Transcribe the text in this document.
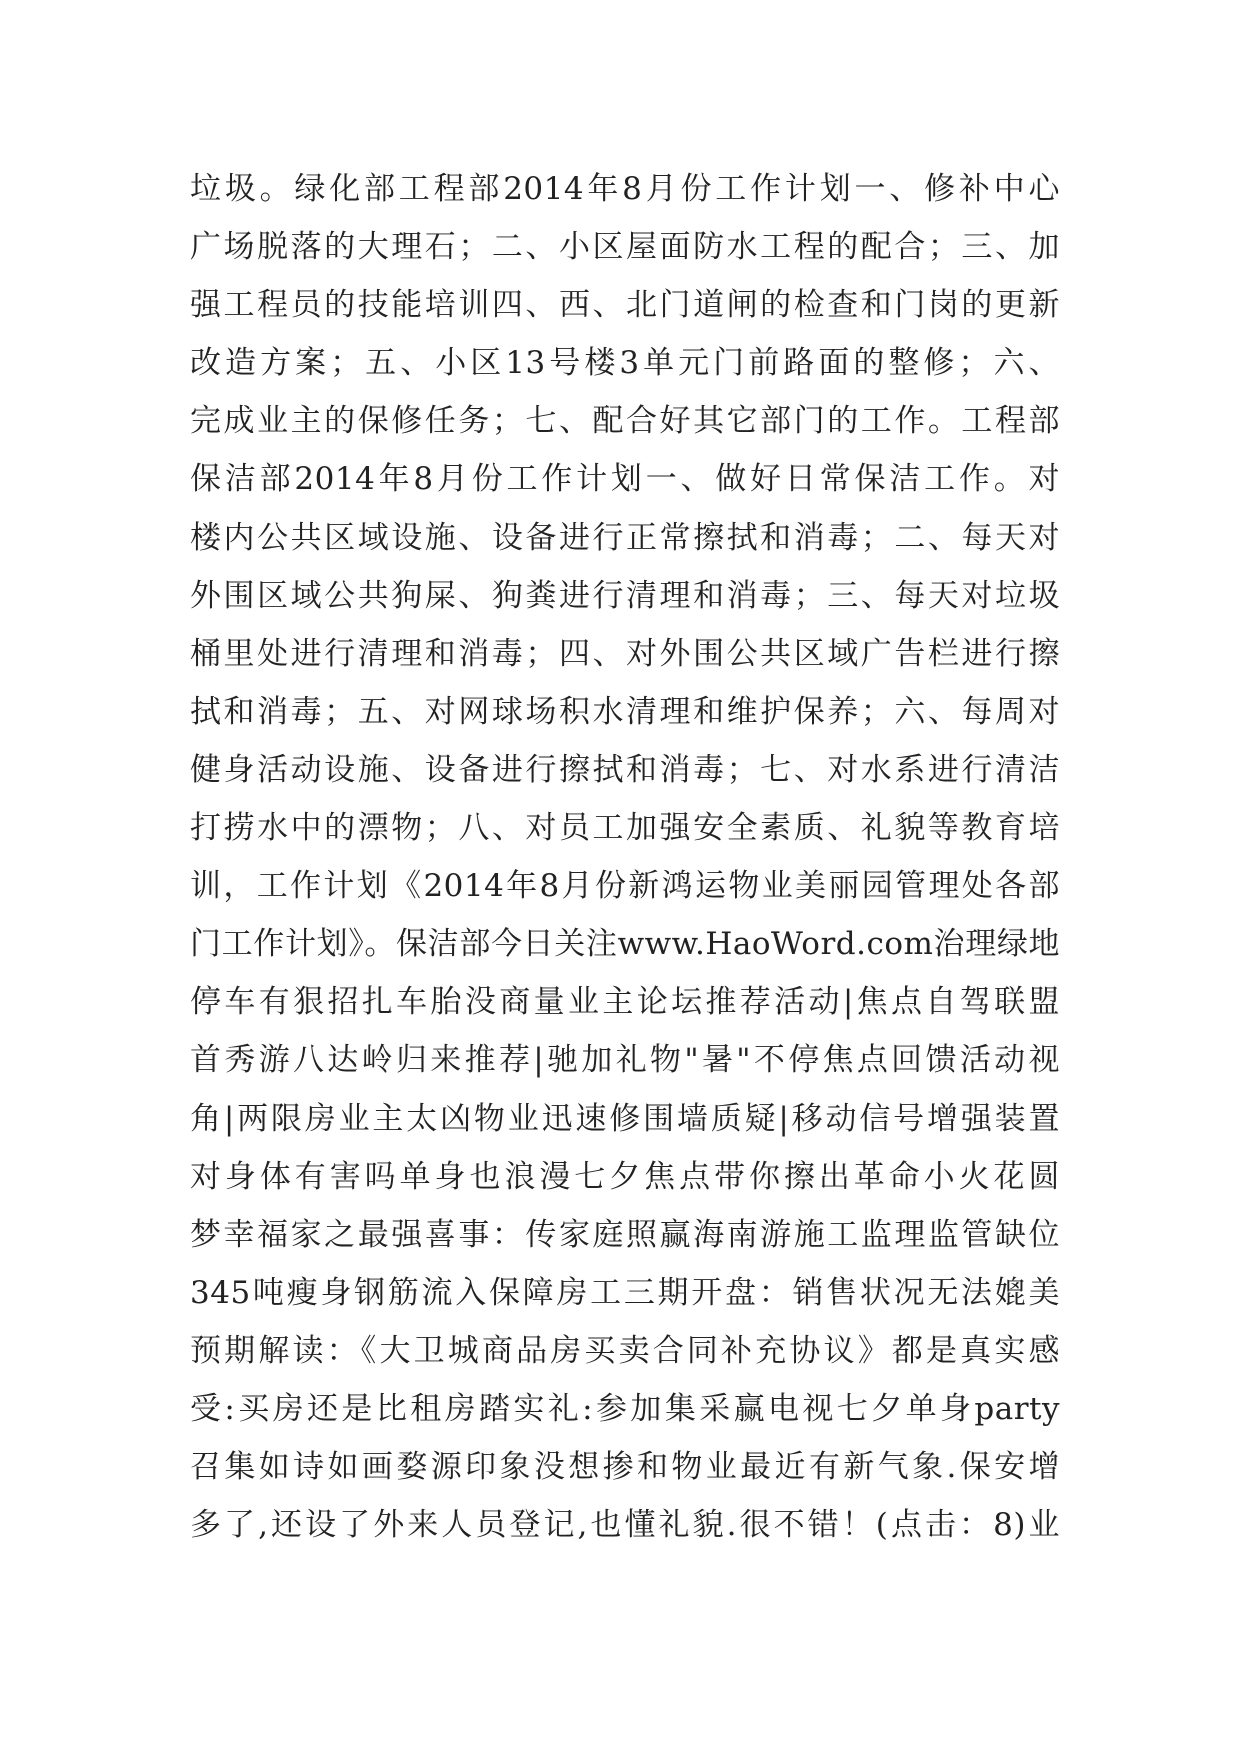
垃圾。绿化部工程部2014年8月份工作计划一、修补中心
广场脱落的大理石；二、小区屋面防水工程的配合；三、加
强工程员的技能培训四、西、北门道闸的检查和门岗的更新
改造方案；五、小区13号楼3单元门前路面的整修；六、
完成业主的保修任务；七、配合好其它部门的工作。工程部
保洁部2014年8月份工作计划一、做好日常保洁工作。对
楼内公共区域设施、设备进行正常擦拭和消毒；二、每天对
外围区域公共狗屎、狗粪进行清理和消毒；三、每天对垃圾
桶里处进行清理和消毒；四、对外围公共区域广告栏进行擦
拭和消毒；五、对网球场积水清理和维护保养；六、每周对
健身活动设施、设备进行擦拭和消毒；七、对水系进行清洁
打捞水中的漂物；八、对员工加强安全素质、礼貌等教育培
训，工作计划《2014年8月份新鸿运物业美丽园管理处各部
门工作计划》。保洁部今日关注www.HaoWord.com治理绿地
停车有狠招扎车胎没商量业主论坛推荐活动|焦点自驾联盟
首秀游八达岭归来推荐|驰加礼物"暑"不停焦点回馈活动视
角|两限房业主太凶物业迅速修围墙质疑|移动信号增强装置
对身体有害吗单身也浪漫七夕焦点带你擦出革命小火花圆
梦幸福家之最强喜事：传家庭照赢海南游施工监理监管缺位
345吨瘦身钢筋流入保障房工三期开盘：销售状况无法媲美
预期解读：《大卫城商品房买卖合同补充协议》都是真实感
受:买房还是比租房踏实礼:参加集采赢电视七夕单身party
召集如诗如画婺源印象没想掺和物业最近有新气象.保安增
多了,还设了外来人员登记,也懂礼貌.很不错！(点击：8)业
